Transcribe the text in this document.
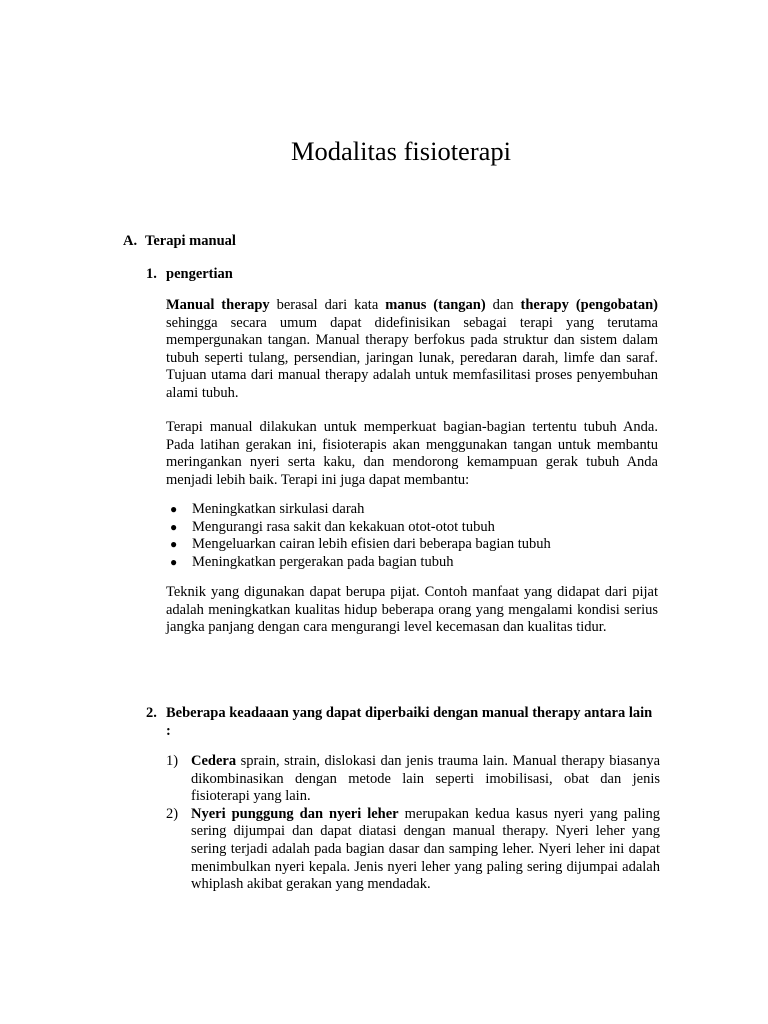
Modalitas fisioterapi
A. Terapi manual
1. pengertian

Manual therapy berasal dari kata manus (tangan) dan therapy (pengobatan) sehingga secara umum dapat didefinisikan sebagai terapi yang terutama mempergunakan tangan. Manual therapy berfokus pada struktur dan sistem dalam tubuh seperti tulang, persendian, jaringan lunak, peredaran darah, limfe dan saraf. Tujuan utama dari manual therapy adalah untuk memfasilitasi proses penyembuhan alami tubuh.

Terapi manual dilakukan untuk memperkuat bagian-bagian tertentu tubuh Anda. Pada latihan gerakan ini, fisioterapis akan menggunakan tangan untuk membantu meringankan nyeri serta kaku, dan mendorong kemampuan gerak tubuh Anda menjadi lebih baik. Terapi ini juga dapat membantu:

● Meningkatkan sirkulasi darah
● Mengurangi rasa sakit dan kekakuan otot-otot tubuh
● Mengeluarkan cairan lebih efisien dari beberapa bagian tubuh
● Meningkatkan pergerakan pada bagian tubuh

Teknik yang digunakan dapat berupa pijat. Contoh manfaat yang didapat dari pijat adalah meningkatkan kualitas hidup beberapa orang yang mengalami kondisi serius jangka panjang dengan cara mengurangi level kecemasan dan kualitas tidur.

2. Beberapa keadaaan yang dapat diperbaiki dengan manual therapy antara lain :
1) Cedera sprain, strain, dislokasi dan jenis trauma lain. Manual therapy biasanya dikombinasikan dengan metode lain seperti imobilisasi, obat dan jenis fisioterapi yang lain.
2) Nyeri punggung dan nyeri leher merupakan kedua kasus nyeri yang paling sering dijumpai dan dapat diatasi dengan manual therapy. Nyeri leher yang sering terjadi adalah pada bagian dasar dan samping leher. Nyeri leher ini dapat menimbulkan nyeri kepala. Jenis nyeri leher yang paling sering dijumpai adalah whiplash akibat gerakan yang mendadak.
